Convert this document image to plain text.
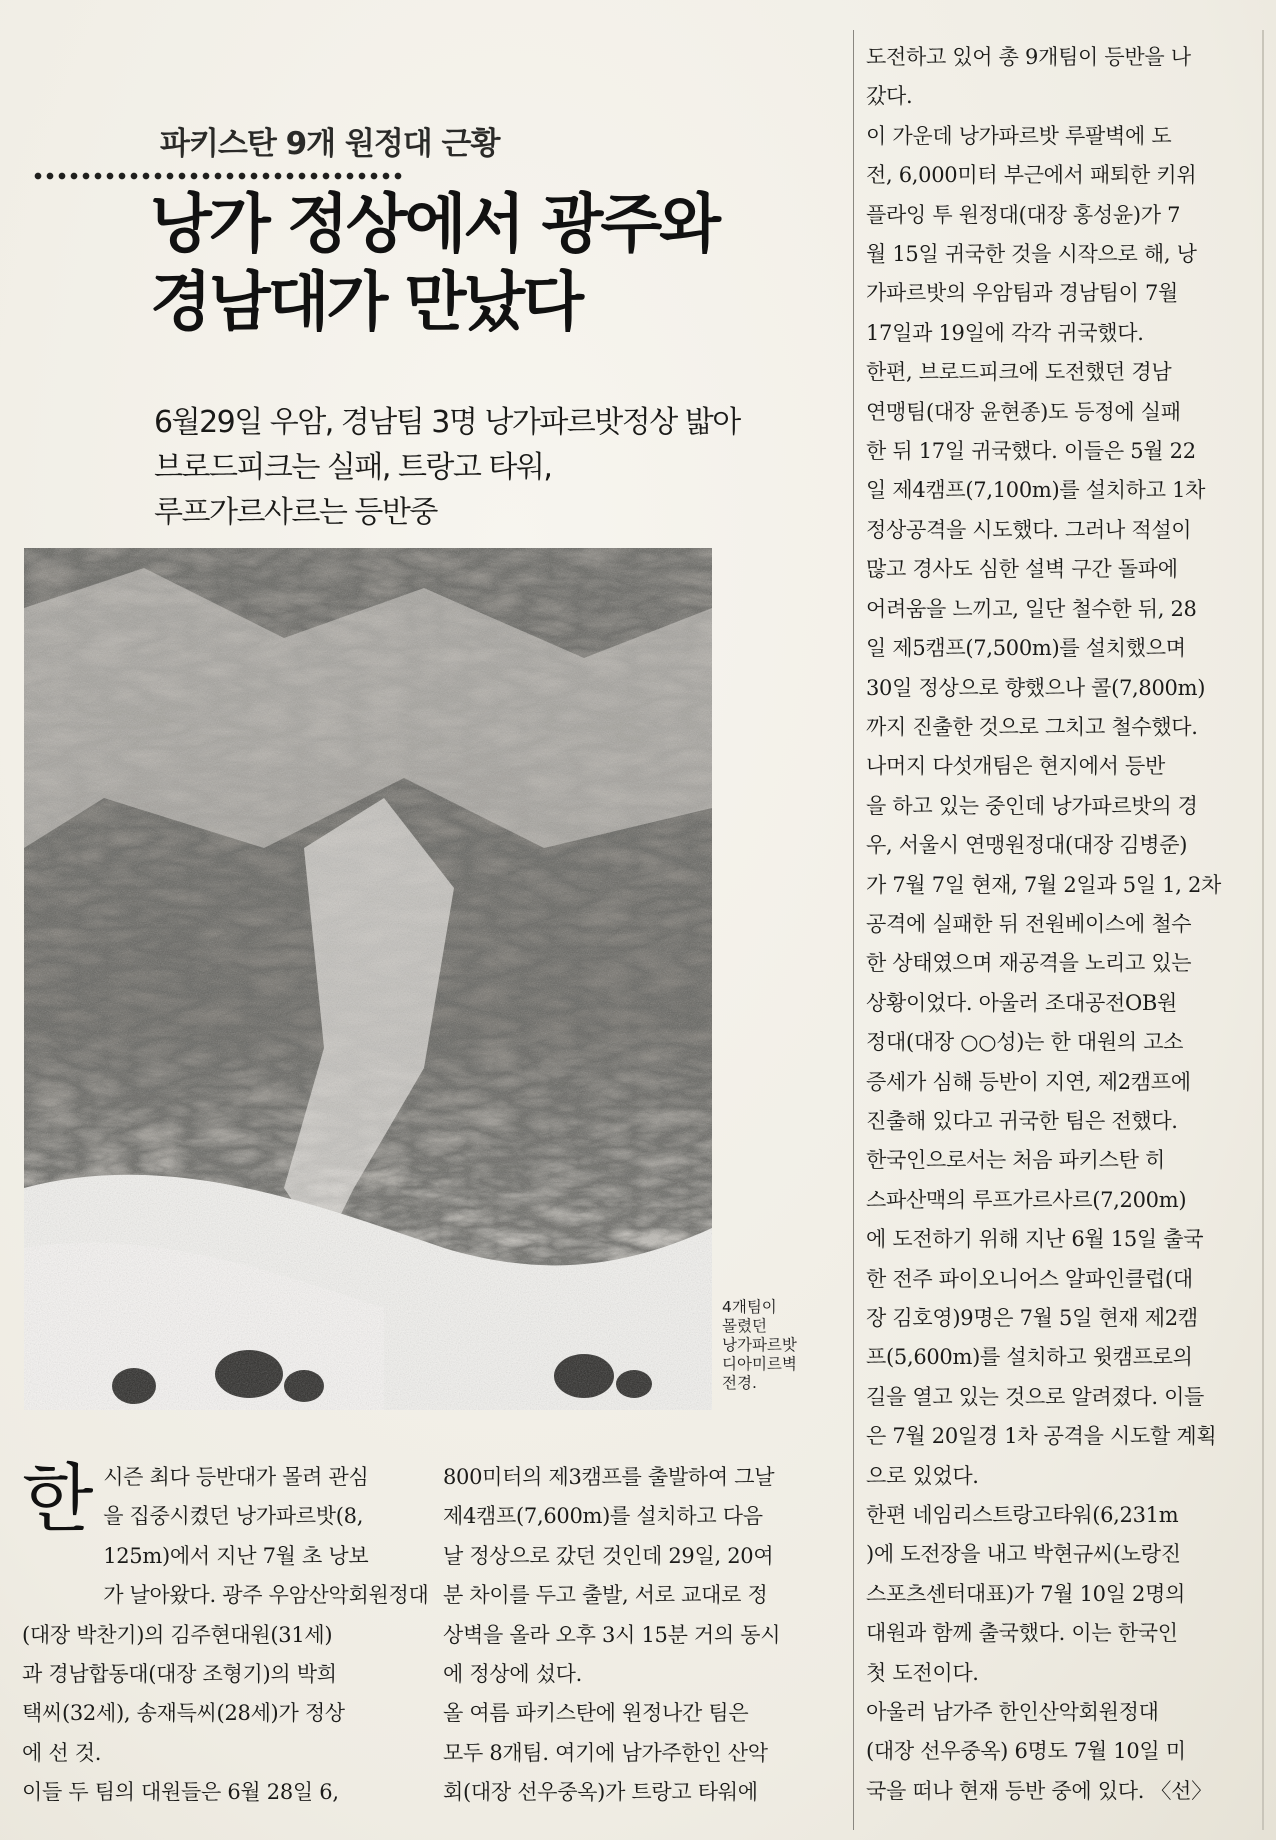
파키스탄 9개 원정대 근황
낭가 정상에서 광주와
경남대가 만났다
6월29일 우암, 경남팀 3명 낭가파르밧정상 밟아
브로드피크는 실패, 트랑고 타워,
루프가르사르는 등반중
4개팀이
몰렸던
낭가파르밧
디아미르벽
전경.
한 시즌 최다 등반대가 몰려 관심

을 집중시켰던 낭가파르밧(8,

125m)에서 지난 7월 초 낭보

가 날아왔다. 광주 우암산악회원정대

(대장 박찬기)의 김주현대원(31세)

과 경남합동대(대장 조형기)의 박희

택씨(32세), 송재득씨(28세)가 정상

에 선 것.

이들 두 팀의 대원들은 6월 28일 6,

800미터의 제3캠프를 출발하여 그날

제4캠프(7,600m)를 설치하고 다음

날 정상으로 갔던 것인데 29일, 20여

분 차이를 두고 출발, 서로 교대로 정

상벽을 올라 오후 3시 15분 거의 동시

에 정상에 섰다.

올 여름 파키스탄에 원정나간 팀은

모두 8개팀. 여기에 남가주한인 산악

회(대장 선우중옥)가 트랑고 타워에

도전하고 있어 총 9개팀이 등반을 나

갔다.

이 가운데 낭가파르밧 루팔벽에 도

전, 6,000미터 부근에서 패퇴한 키위

플라잉 투 원정대(대장 홍성윤)가 7

월 15일 귀국한 것을 시작으로 해, 낭

가파르밧의 우암팀과 경남팀이 7월

17일과 19일에 각각 귀국했다.

한편, 브로드피크에 도전했던 경남

연맹팀(대장 윤현종)도 등정에 실패

한 뒤 17일 귀국했다. 이들은 5월 22

일 제4캠프(7,100m)를 설치하고 1차

정상공격을 시도했다. 그러나 적설이

많고 경사도 심한 설벽 구간 돌파에

어려움을 느끼고, 일단 철수한 뒤, 28

일 제5캠프(7,500m)를 설치했으며

30일 정상으로 향했으나 콜(7,800m)

까지 진출한 것으로 그치고 철수했다.

나머지 다섯개팀은 현지에서 등반

을 하고 있는 중인데 낭가파르밧의 경

우, 서울시 연맹원정대(대장 김병준)

가 7월 7일 현재, 7월 2일과 5일 1, 2차

공격에 실패한 뒤 전원베이스에 철수

한 상태였으며 재공격을 노리고 있는

상황이었다. 아울러 조대공전OB원

정대(대장 ○○성)는 한 대원의 고소

증세가 심해 등반이 지연, 제2캠프에

진출해 있다고 귀국한 팀은 전했다.

한국인으로서는 처음 파키스탄 히

스파산맥의 루프가르사르(7,200m)

에 도전하기 위해 지난 6월 15일 출국

한 전주 파이오니어스 알파인클럽(대

장 김호영)9명은 7월 5일 현재 제2캠

프(5,600m)를 설치하고 윗캠프로의

길을 열고 있는 것으로 알려졌다. 이들

은 7월 20일경 1차 공격을 시도할 계획

으로 있었다.

한편 네임리스트랑고타워(6,231m

)에 도전장을 내고 박현규씨(노랑진

스포츠센터대표)가 7월 10일 2명의

대원과 함께 출국했다. 이는 한국인

첫 도전이다.

아울러 남가주 한인산악회원정대

(대장 선우중옥) 6명도 7월 10일 미

국을 떠나 현재 등반 중에 있다. 〈선〉
